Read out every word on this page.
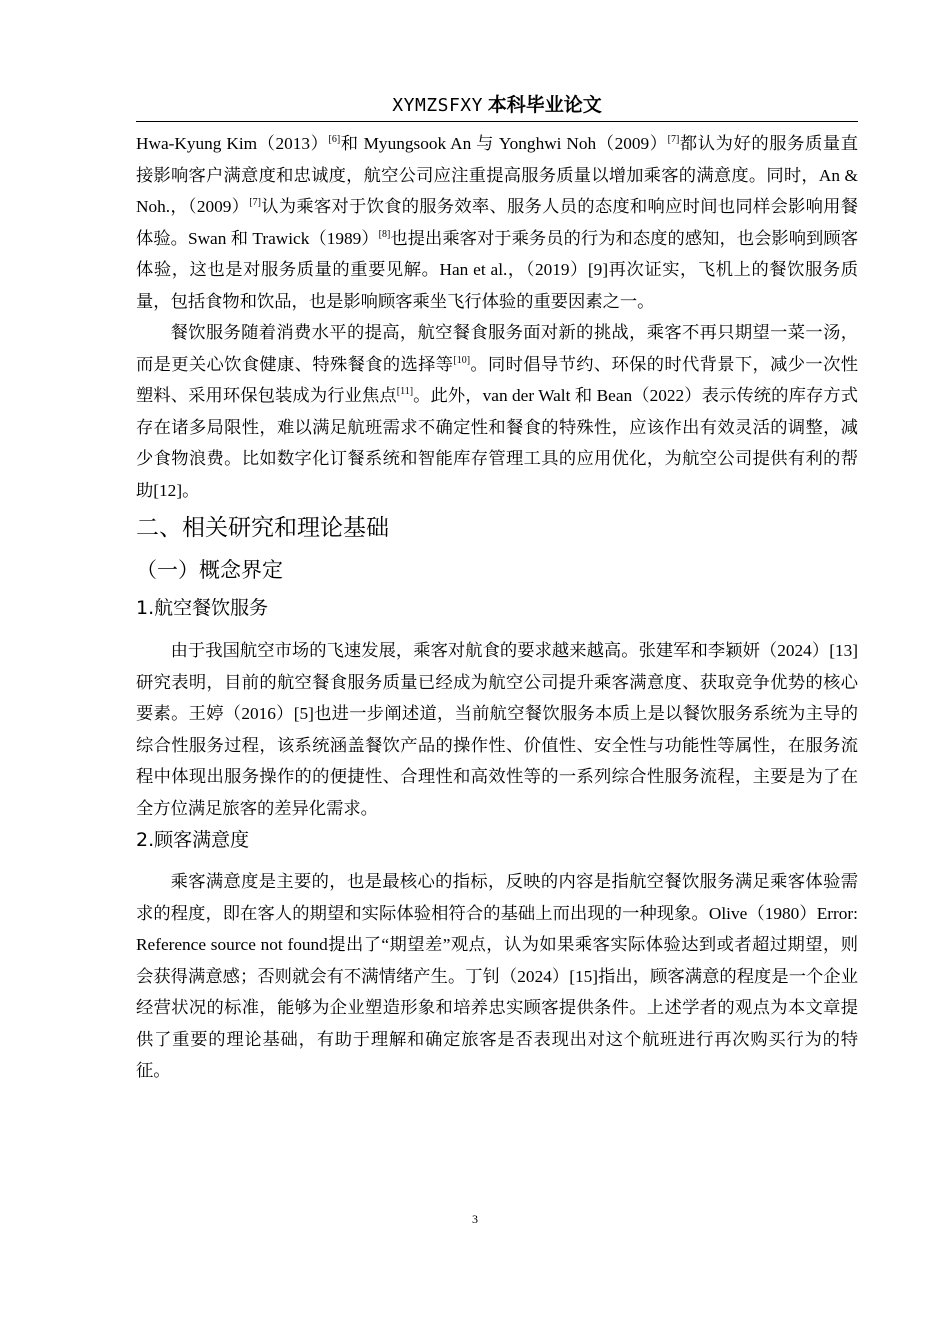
XYMZSFXY 本科毕业论文

Hwa-Kyung Kim（2013）[6]和 Myungsook An 与 Yonghwi Noh（2009）[7]都认为好的服务质量直接影响客户满意度和忠诚度，航空公司应注重提高服务质量以增加乘客的满意度。同时，An & Noh.，（2009）[7]认为乘客对于饮食的服务效率、服务人员的态度和响应时间也同样会影响用餐体验。Swan 和 Trawick（1989）[8]也提出乘客对于乘务员的行为和态度的感知，也会影响到顾客体验，这也是对服务质量的重要见解。Han et al.，（2019）[9]再次证实，飞机上的餐饮服务质量，包括食物和饮品，也是影响顾客乘坐飞行体验的重要因素之一。

餐饮服务随着消费水平的提高，航空餐食服务面对新的挑战，乘客不再只期望一菜一汤，而是更关心饮食健康、特殊餐食的选择等[10]。同时倡导节约、环保的时代背景下，减少一次性塑料、采用环保包装成为行业焦点[11]。此外，van der Walt 和 Bean（2022）表示传统的库存方式存在诸多局限性，难以满足航班需求不确定性和餐食的特殊性，应该作出有效灵活的调整，减少食物浪费。比如数字化订餐系统和智能库存管理工具的应用优化，为航空公司提供有利的帮助[12]。

二、相关研究和理论基础
（一）概念界定
1.航空餐饮服务

由于我国航空市场的飞速发展，乘客对航食的要求越来越高。张建军和李颖妍（2024）[13]研究表明，目前的航空餐食服务质量已经成为航空公司提升乘客满意度、获取竞争优势的核心要素。王婷（2016）[5]也进一步阐述道，当前航空餐饮服务本质上是以餐饮服务系统为主导的综合性服务过程，该系统涵盖餐饮产品的操作性、价值性、安全性与功能性等属性，在服务流程中体现出服务操作的的便捷性、合理性和高效性等的一系列综合性服务流程，主要是为了在全方位满足旅客的差异化需求。

2.顾客满意度

乘客满意度是主要的，也是最核心的指标，反映的内容是指航空餐饮服务满足乘客体验需求的程度，即在客人的期望和实际体验相符合的基础上而出现的一种现象。Olive（1980）Error: Reference source not found提出了“期望差”观点，认为如果乘客实际体验达到或者超过期望，则会获得满意感；否则就会有不满情绪产生。丁钊（2024）[15]指出，顾客满意的程度是一个企业经营状况的标准，能够为企业塑造形象和培养忠实顾客提供条件。上述学者的观点为本文章提供了重要的理论基础，有助于理解和确定旅客是否表现出对这个航班进行再次购买行为的特征。

3
